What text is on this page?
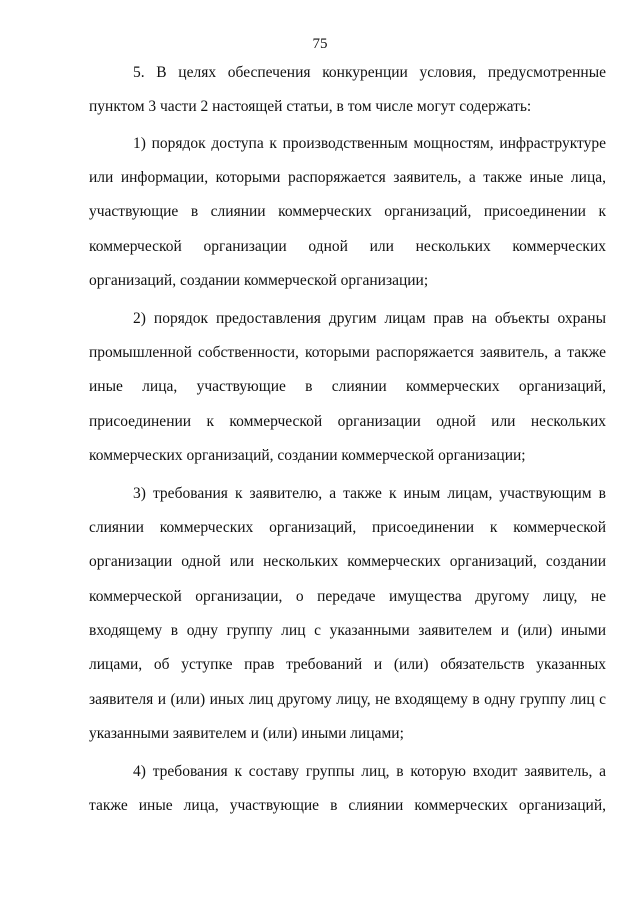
75
5. В целях обеспечения конкуренции условия, предусмотренные
пунктом 3 части 2 настоящей статьи, в том числе могут содержать:
1) порядок доступа к производственным мощностям, инфраструктуре
или информации, которыми распоряжается заявитель, а также иные лица,
участвующие в слиянии коммерческих организаций, присоединении к
коммерческой организации одной или нескольких коммерческих
организаций, создании коммерческой организации;
2) порядок предоставления другим лицам прав на объекты охраны
промышленной собственности, которыми распоряжается заявитель, а также
иные лица, участвующие в слиянии коммерческих организаций,
присоединении к коммерческой организации одной или нескольких
коммерческих организаций, создании коммерческой организации;
3) требования к заявителю, а также к иным лицам, участвующим в
слиянии коммерческих организаций, присоединении к коммерческой
организации одной или нескольких коммерческих организаций, создании
коммерческой организации, о передаче имущества другому лицу, не
входящему в одну группу лиц с указанными заявителем и (или) иными
лицами, об уступке прав требований и (или) обязательств указанных
заявителя и (или) иных лиц другому лицу, не входящему в одну группу лиц с
указанными заявителем и (или) иными лицами;
4) требования к составу группы лиц, в которую входит заявитель, а
также иные лица, участвующие в слиянии коммерческих организаций,
